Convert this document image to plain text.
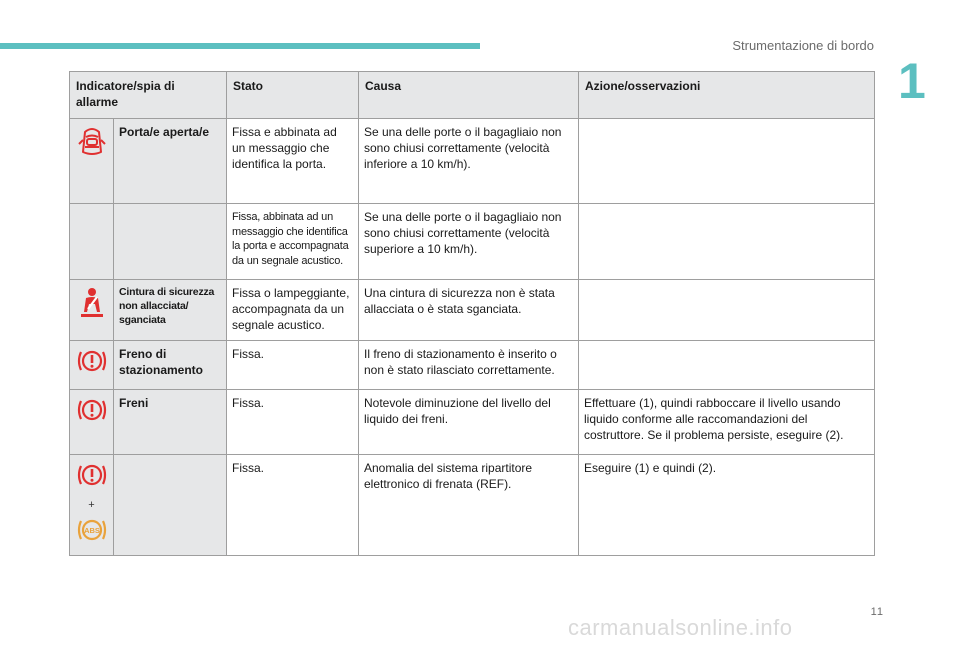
Strumentazione di bordo
1
Indicatore/spia di allarme		Stato	Causa	Azione/osservazioni
	Porta/e aperta/e	Fissa e abbinata ad un messaggio che identifica la porta.	Se una delle porte o il bagagliaio non sono chiusi correttamente (velocità inferiore a 10 km/h).	
		Fissa, abbinata ad un messaggio che identifica la porta e accompagnata da un segnale acustico.	Se una delle porte o il bagagliaio non sono chiusi correttamente (velocità superiore a 10 km/h).	
	Cintura di sicurezza non allacciata/ sganciata	Fissa o lampeggiante, accompagnata da un segnale acustico.	Una cintura di sicurezza non è stata allacciata o è stata sganciata.	
	Freno di stazionamento	Fissa.	Il freno di stazionamento è inserito o non è stato rilasciato correttamente.	
	Freni	Fissa.	Notevole diminuzione del livello del liquido dei freni.	Effettuare (1), quindi rabboccare il livello usando liquido conforme alle raccomandazioni del costruttore. Se il problema persiste, eseguire (2).

+
ABS		Fissa.	Anomalia del sistema ripartitore elettronico di frenata (REF).	Eseguire (1) e quindi (2).
11
carmanualsonline.info
